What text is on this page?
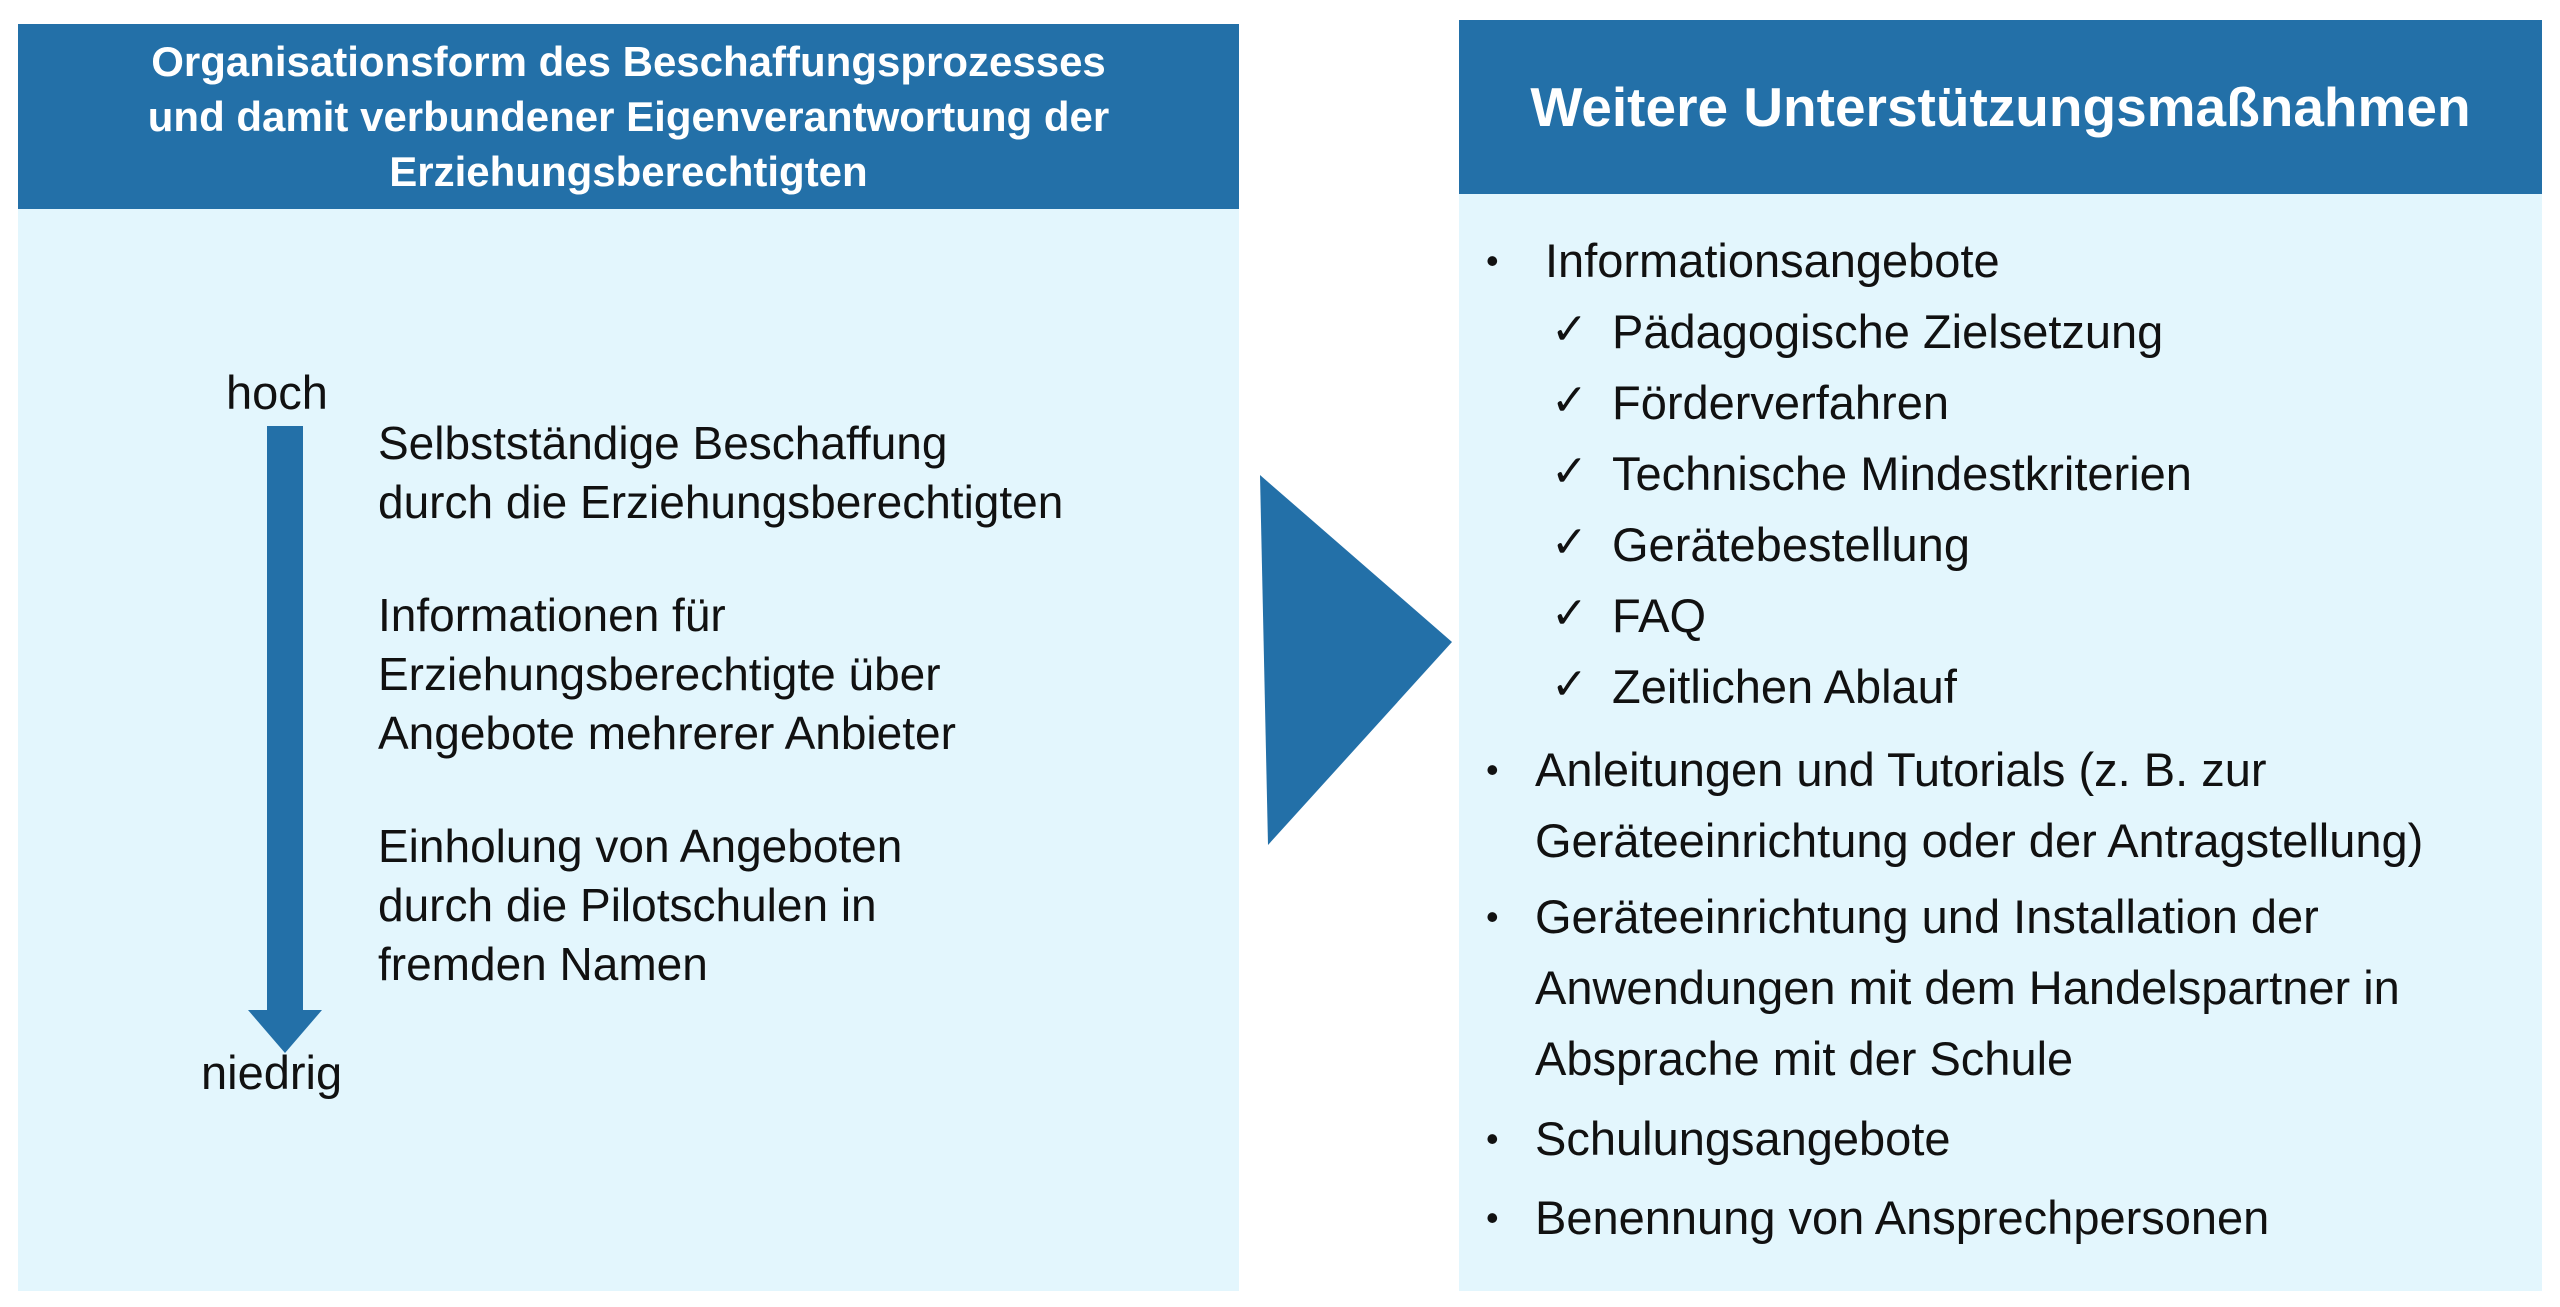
Organisationsform des Beschaffungsprozesses
und damit verbundener Eigenverantwortung der
Erziehungsberechtigten
hoch
niedrig
Selbstständige Beschaffung
durch die Erziehungsberechtigten
Informationen für
Erziehungsberechtigte über
Angebote mehrerer Anbieter
Einholung von Angeboten
durch die Pilotschulen in
fremden Namen
Weitere Unterstützungsmaßnahmen
• Informationsangebote
✓ Pädagogische Zielsetzung
✓ Förderverfahren
✓ Technische Mindestkriterien
✓ Gerätebestellung
✓ FAQ
✓ Zeitlichen Ablauf
• Anleitungen und Tutorials (z. B. zur
Geräteeinrichtung oder der Antragstellung)
• Geräteeinrichtung und Installation der
Anwendungen mit dem Handelspartner in
Absprache mit der Schule
• Schulungsangebote
• Benennung von Ansprechpersonen
